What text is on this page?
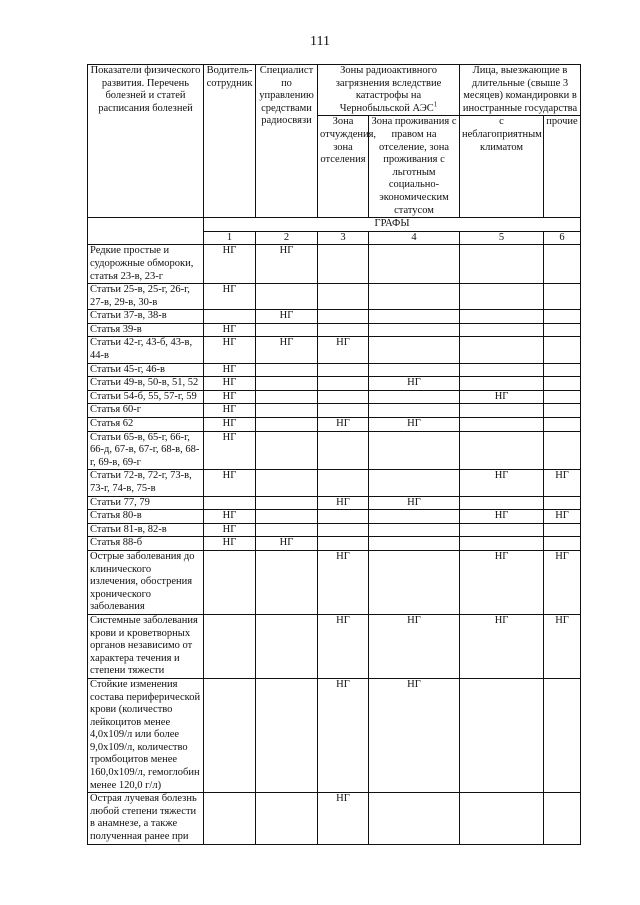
111
Показатели физического развития. Перечень болезней и статей расписания болезней	Водитель-сотрудник	Специалист по управлению средствами радиосвязи	Зоны радиоактивного загрязнения вследствие катастрофы на Чернобыльской АЭС$^1$		Лица, выезжающие в длительные (свыше 3 месяцев) командировки в иностранные государства	
			Зона отчуждения, зона отселения	Зона проживания с правом на отселение, зона проживания с льготным социально-экономическим статусом	с неблагоприятным климатом	прочие
	ГРАФЫ					
	1	2	3	4	5	6
Редкие простые и судорожные обмороки, статья 23-в, 23-г	НГ	НГ				
Статьи 25-в, 25-г, 26-г, 27-в, 29-в, 30-в	НГ					
Статьи 37-в, 38-в		НГ				
Статья 39-в	НГ					
Статьи 42-г, 43-б, 43-в, 44-в	НГ	НГ	НГ			
Статьи 45-г, 46-в	НГ					
Статьи 49-в, 50-в, 51, 52	НГ			НГ		
Статьи 54-б, 55, 57-г, 59	НГ				НГ	
Статья 60-г	НГ					
Статья 62	НГ		НГ	НГ		
Статьи 65-в, 65-г, 66-г, 66-д, 67-в, 67-г, 68-в, 68-г, 69-в, 69-г	НГ					
Статьи 72-в, 72-г, 73-в, 73-г, 74-в, 75-в	НГ				НГ	НГ
Статьи 77, 79			НГ	НГ		
Статья 80-в	НГ				НГ	НГ
Статьи 81-в, 82-в	НГ					
Статья 88-б	НГ	НГ				
Острые заболевания до клинического излечения, обострения хронического заболевания			НГ		НГ	НГ
Системные заболевания крови и кроветворных органов независимо от характера течения и степени тяжести			НГ	НГ	НГ	НГ
Стойкие изменения состава периферической крови (количество лейкоцитов менее 4,0х109/л или более 9,0х109/л, количество тромбоцитов менее 160,0х109/л, гемоглобин менее 120,0 г/л)			НГ	НГ		
Острая лучевая болезнь любой степени тяжести в анамнезе, а также полученная ранее при			НГ			
